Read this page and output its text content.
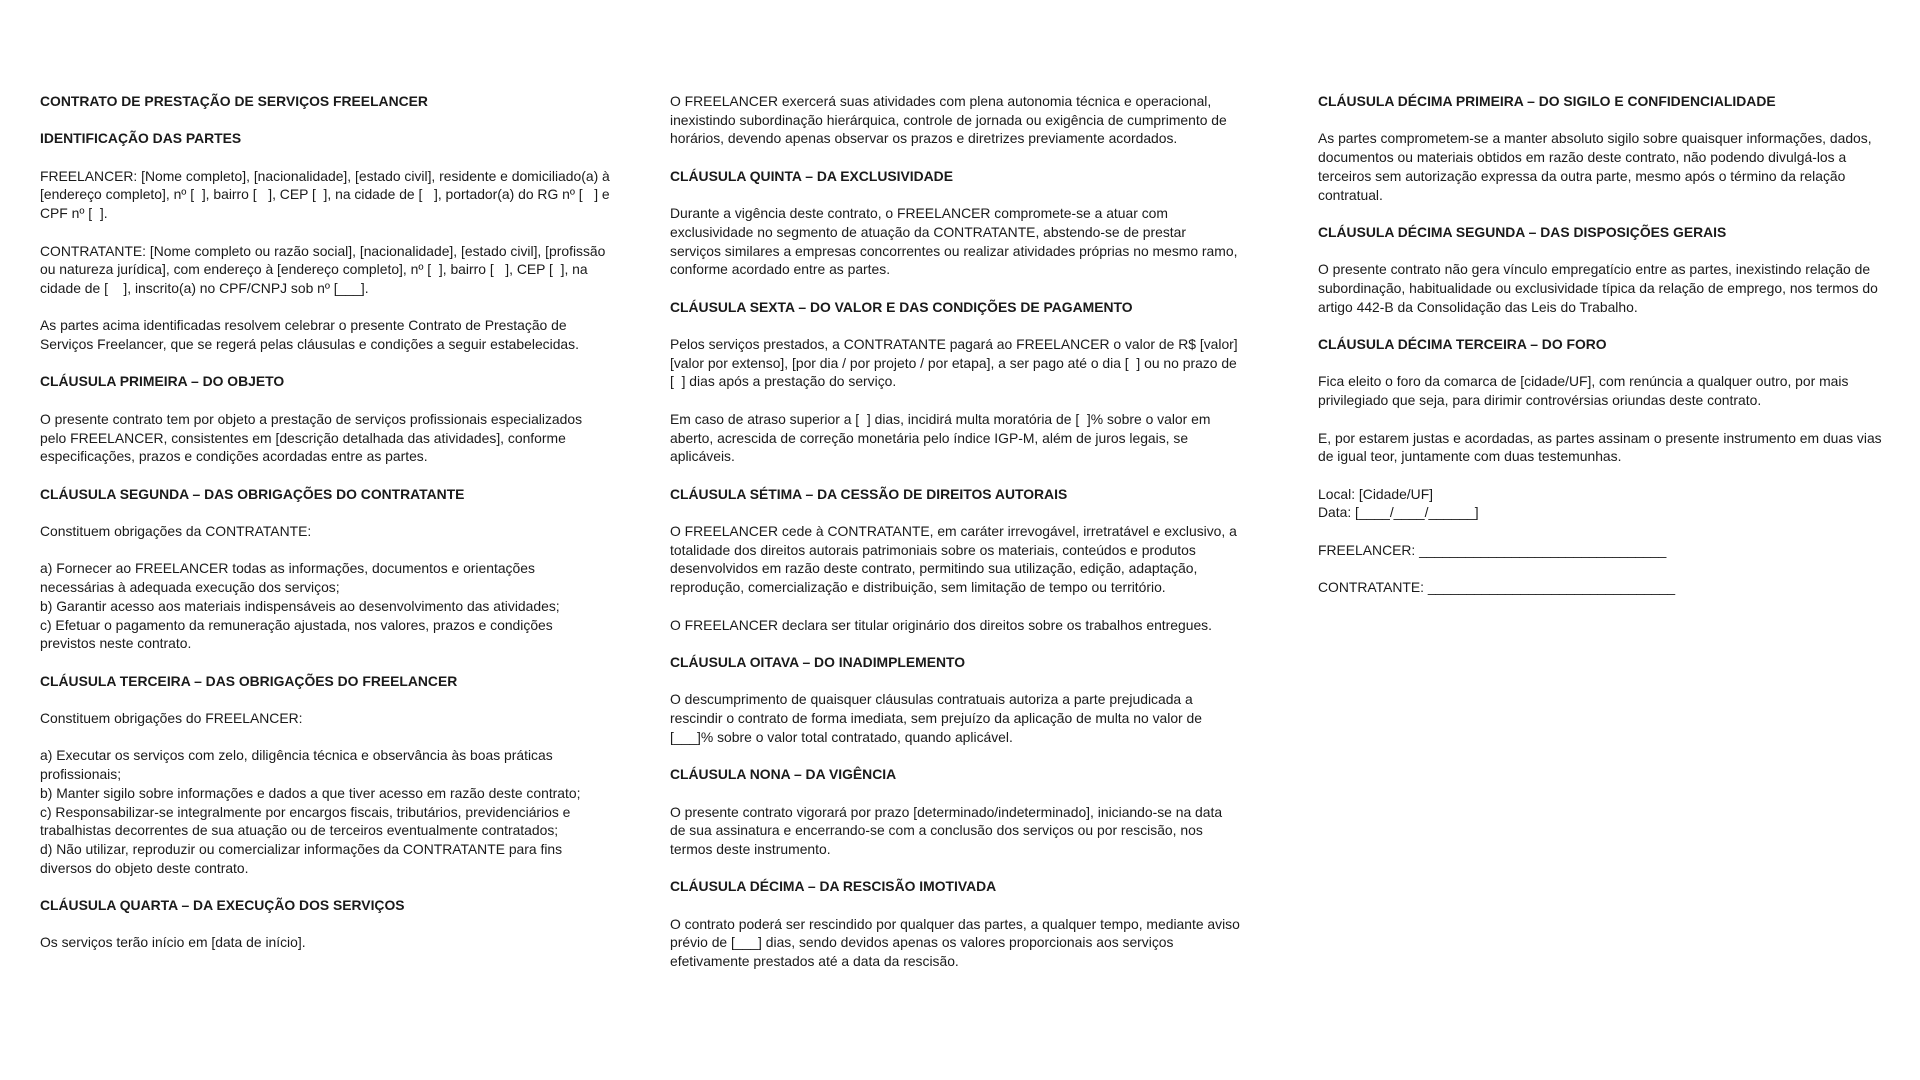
CONTRATO DE PRESTAÇÃO DE SERVIÇOS FREELANCER
IDENTIFICAÇÃO DAS PARTES
FREELANCER: [Nome completo], [nacionalidade], [estado civil], residente e domiciliado(a) à
[endereço completo], nº [  ], bairro [   ], CEP [  ], na cidade de [   ], portador(a) do RG nº [   ] e
CPF nº [  ].
CONTRATANTE: [Nome completo ou razão social], [nacionalidade], [estado civil], [profissão
ou natureza jurídica], com endereço à [endereço completo], nº [  ], bairro [   ], CEP [  ], na
cidade de [    ], inscrito(a) no CPF/CNPJ sob nº [___].
As partes acima identificadas resolvem celebrar o presente Contrato de Prestação de
Serviços Freelancer, que se regerá pelas cláusulas e condições a seguir estabelecidas.
CLÁUSULA PRIMEIRA – DO OBJETO
O presente contrato tem por objeto a prestação de serviços profissionais especializados
pelo FREELANCER, consistentes em [descrição detalhada das atividades], conforme
especificações, prazos e condições acordadas entre as partes.
CLÁUSULA SEGUNDA – DAS OBRIGAÇÕES DO CONTRATANTE
Constituem obrigações da CONTRATANTE:
a) Fornecer ao FREELANCER todas as informações, documentos e orientações
necessárias à adequada execução dos serviços;
b) Garantir acesso aos materiais indispensáveis ao desenvolvimento das atividades;
c) Efetuar o pagamento da remuneração ajustada, nos valores, prazos e condições
previstos neste contrato.
CLÁUSULA TERCEIRA – DAS OBRIGAÇÕES DO FREELANCER
Constituem obrigações do FREELANCER:
a) Executar os serviços com zelo, diligência técnica e observância às boas práticas
profissionais;
b) Manter sigilo sobre informações e dados a que tiver acesso em razão deste contrato;
c) Responsabilizar-se integralmente por encargos fiscais, tributários, previdenciários e
trabalhistas decorrentes de sua atuação ou de terceiros eventualmente contratados;
d) Não utilizar, reproduzir ou comercializar informações da CONTRATANTE para fins
diversos do objeto deste contrato.
CLÁUSULA QUARTA – DA EXECUÇÃO DOS SERVIÇOS
Os serviços terão início em [data de início].
O FREELANCER exercerá suas atividades com plena autonomia técnica e operacional,
inexistindo subordinação hierárquica, controle de jornada ou exigência de cumprimento de
horários, devendo apenas observar os prazos e diretrizes previamente acordados.
CLÁUSULA QUINTA – DA EXCLUSIVIDADE
Durante a vigência deste contrato, o FREELANCER compromete-se a atuar com
exclusividade no segmento de atuação da CONTRATANTE, abstendo-se de prestar
serviços similares a empresas concorrentes ou realizar atividades próprias no mesmo ramo,
conforme acordado entre as partes.
CLÁUSULA SEXTA – DO VALOR E DAS CONDIÇÕES DE PAGAMENTO
Pelos serviços prestados, a CONTRATANTE pagará ao FREELANCER o valor de R$ [valor]
[valor por extenso], [por dia / por projeto / por etapa], a ser pago até o dia [  ] ou no prazo de
[  ] dias após a prestação do serviço.
Em caso de atraso superior a [  ] dias, incidirá multa moratória de [  ]% sobre o valor em
aberto, acrescida de correção monetária pelo índice IGP-M, além de juros legais, se
aplicáveis.
CLÁUSULA SÉTIMA – DA CESSÃO DE DIREITOS AUTORAIS
O FREELANCER cede à CONTRATANTE, em caráter irrevogável, irretratável e exclusivo, a
totalidade dos direitos autorais patrimoniais sobre os materiais, conteúdos e produtos
desenvolvidos em razão deste contrato, permitindo sua utilização, edição, adaptação,
reprodução, comercialização e distribuição, sem limitação de tempo ou território.
O FREELANCER declara ser titular originário dos direitos sobre os trabalhos entregues.
CLÁUSULA OITAVA – DO INADIMPLEMENTO
O descumprimento de quaisquer cláusulas contratuais autoriza a parte prejudicada a
rescindir o contrato de forma imediata, sem prejuízo da aplicação de multa no valor de
[___]% sobre o valor total contratado, quando aplicável.
CLÁUSULA NONA – DA VIGÊNCIA
O presente contrato vigorará por prazo [determinado/indeterminado], iniciando-se na data
de sua assinatura e encerrando-se com a conclusão dos serviços ou por rescisão, nos
termos deste instrumento.
CLÁUSULA DÉCIMA – DA RESCISÃO IMOTIVADA
O contrato poderá ser rescindido por qualquer das partes, a qualquer tempo, mediante aviso
prévio de [___] dias, sendo devidos apenas os valores proporcionais aos serviços
efetivamente prestados até a data da rescisão.
CLÁUSULA DÉCIMA PRIMEIRA – DO SIGILO E CONFIDENCIALIDADE
As partes comprometem-se a manter absoluto sigilo sobre quaisquer informações, dados,
documentos ou materiais obtidos em razão deste contrato, não podendo divulgá-los a
terceiros sem autorização expressa da outra parte, mesmo após o término da relação
contratual.
CLÁUSULA DÉCIMA SEGUNDA – DAS DISPOSIÇÕES GERAIS
O presente contrato não gera vínculo empregatício entre as partes, inexistindo relação de
subordinação, habitualidade ou exclusividade típica da relação de emprego, nos termos do
artigo 442-B da Consolidação das Leis do Trabalho.
CLÁUSULA DÉCIMA TERCEIRA – DO FORO
Fica eleito o foro da comarca de [cidade/UF], com renúncia a qualquer outro, por mais
privilegiado que seja, para dirimir controvérsias oriundas deste contrato.
E, por estarem justas e acordadas, as partes assinam o presente instrumento em duas vias
de igual teor, juntamente com duas testemunhas.
Local: [Cidade/UF]
Data: [____/____/______]
FREELANCER: ________________________________
CONTRATANTE: ________________________________
